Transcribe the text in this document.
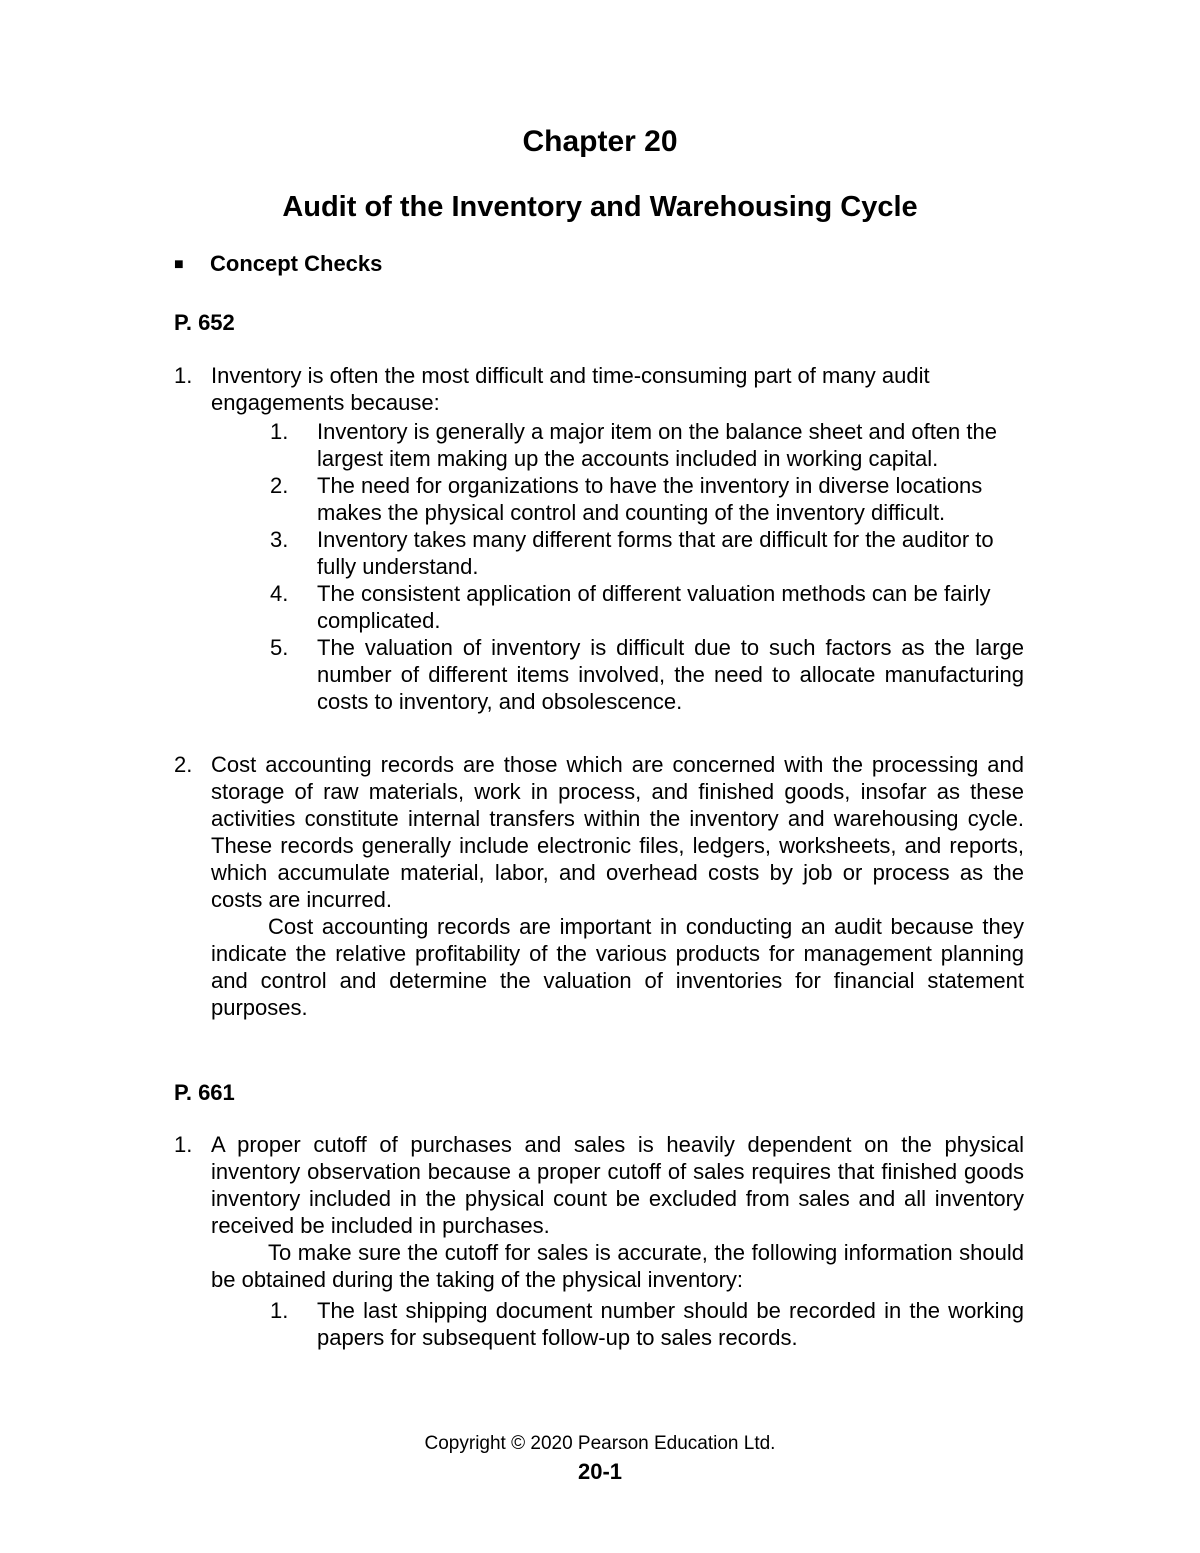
Chapter 20
Audit of the Inventory and Warehousing Cycle
■ Concept Checks
P. 652
1. Inventory is often the most difficult and time-consuming part of many audit engagements because:
1. Inventory is generally a major item on the balance sheet and often the largest item making up the accounts included in working capital.
2. The need for organizations to have the inventory in diverse locations makes the physical control and counting of the inventory difficult.
3. Inventory takes many different forms that are difficult for the auditor to fully understand.
4. The consistent application of different valuation methods can be fairly complicated.
5. The valuation of inventory is difficult due to such factors as the large number of different items involved, the need to allocate manufacturing costs to inventory, and obsolescence.
2. Cost accounting records are those which are concerned with the processing and storage of raw materials, work in process, and finished goods, insofar as these activities constitute internal transfers within the inventory and warehousing cycle. These records generally include electronic files, ledgers, worksheets, and reports, which accumulate material, labor, and overhead costs by job or process as the costs are incurred.
Cost accounting records are important in conducting an audit because they indicate the relative profitability of the various products for management planning and control and determine the valuation of inventories for financial statement purposes.
P. 661
1. A proper cutoff of purchases and sales is heavily dependent on the physical inventory observation because a proper cutoff of sales requires that finished goods inventory included in the physical count be excluded from sales and all inventory received be included in purchases.
To make sure the cutoff for sales is accurate, the following information should be obtained during the taking of the physical inventory:
1. The last shipping document number should be recorded in the working papers for subsequent follow-up to sales records.
Copyright © 2020 Pearson Education Ltd.
20-1
